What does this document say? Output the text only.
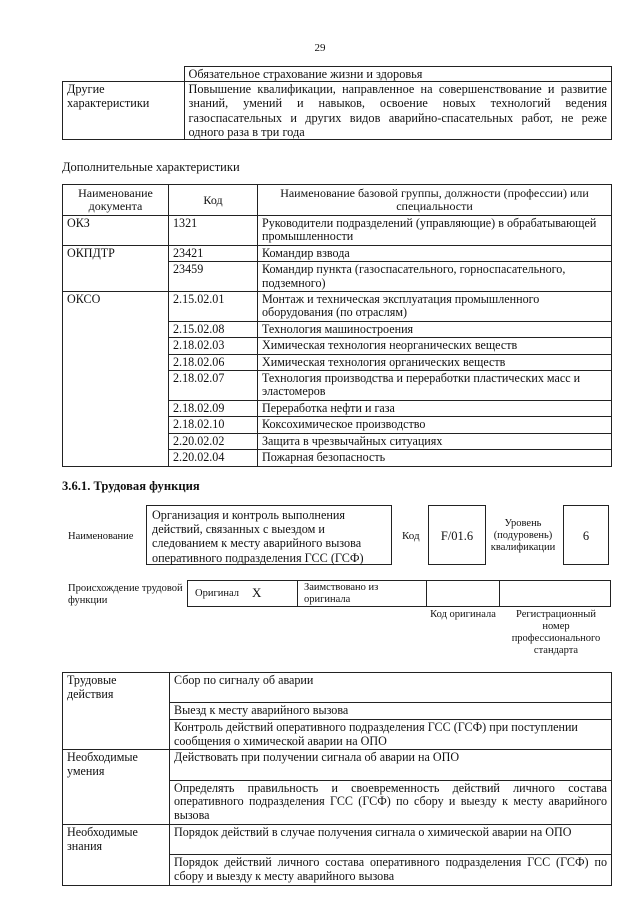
29
	Обязательное страхование жизни и здоровья
Другие характеристики	Повышение квалификации, направленное на совершенствование и развитие знаний, умений и навыков, освоение новых технологий ведения газоспасательных и других видов аварийно-спасательных работ, не реже одного раза в три года
Дополнительные характеристики
Наименование документа	Код	Наименование базовой группы, должности (профессии) или специальности
ОКЗ	1321	Руководители подразделений (управляющие) в обрабатывающей промышленности
ОКПДТР	23421	Командир взвода
	23459	Командир пункта (газоспасательного, горноспасательного, подземного)
ОКСО	2.15.02.01	Монтаж и техническая эксплуатация промышленного оборудования (по отраслям)
	2.15.02.08	Технология машиностроения
	2.18.02.03	Химическая технология неорганических веществ
	2.18.02.06	Химическая технология органических веществ
	2.18.02.07	Технология производства и переработки пластических масс и эластомеров
	2.18.02.09	Переработка нефти и газа
	2.18.02.10	Коксохимическое производство
	2.20.02.02	Защита в чрезвычайных ситуациях
	2.20.02.04	Пожарная безопасность
3.6.1. Трудовая функция
Наименование
Организация и контроль выполнения действий, связанных с выездом и следованием к месту аварийного вызова оперативного подразделения ГСС (ГСФ)
Код	F/01.6
Уровень (подуровень) квалификации
6
Происхождение трудовой функции
Оригинал X	Заимствовано из оригинала
Код оригинала	Регистрационный номер профессионального стандарта
Трудовые действия	Сбор по сигналу об аварии
	Выезд к месту аварийного вызова
	Контроль действий оперативного подразделения ГСС (ГСФ) при поступлении сообщения о химической аварии на ОПО
Необходимые умения	Действовать при получении сигнала об аварии на ОПО
	Определять правильность и своевременность действий личного состава оперативного подразделения ГСС (ГСФ) по сбору и выезду к месту аварийного вызова
Необходимые знания	Порядок действий в случае получения сигнала о химической аварии на ОПО
	Порядок действий личного состава оперативного подразделения ГСС (ГСФ) по сбору и выезду к месту аварийного вызова
